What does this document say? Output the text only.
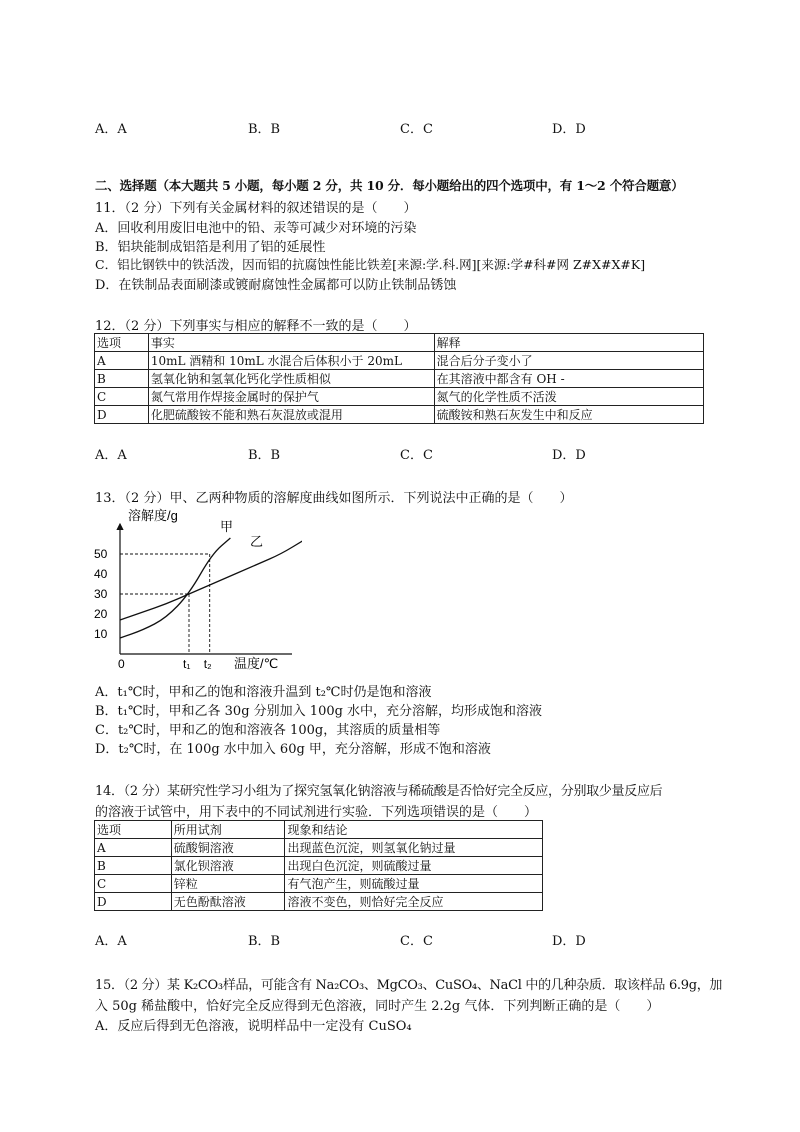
A．A	B．B	C．C	D．D
二、选择题（本大题共 5 小题，每小题 2 分，共 10 分．每小题给出的四个选项中，有 1～2 个符合题意）
11．（2 分）下列有关金属材料的叙述错误的是（　　）
A．回收利用废旧电池中的铅、汞等可减少对环境的污染
B．铝块能制成铝箔是利用了铝的延展性
C．铝比钢铁中的铁活泼，因而铝的抗腐蚀性能比铁差[来源:学.科.网][来源:学#科#网 Z#X#X#K]
D．在铁制品表面刷漆或镀耐腐蚀性金属都可以防止铁制品锈蚀
12．（2 分）下列事实与相应的解释不一致的是（　　）
选项	事实	解释
A	10mL 酒精和 10mL 水混合后体积小于 20mL	混合后分子变小了
B	氢氧化钠和氢氧化钙化学性质相似	在其溶液中都含有 OH -
C	氮气常用作焊接金属时的保护气	氮气的化学性质不活泼
D	化肥硫酸铵不能和熟石灰混放或混用	硫酸铵和熟石灰发生中和反应
A．A	B．B	C．C	D．D
13．（2 分）甲、乙两种物质的溶解度曲线如图所示．下列说法中正确的是（　　）
溶解度/g
10
20
30
40
50
0	t₁ t₂
甲
乙
温度/℃
A．t₁℃时，甲和乙的饱和溶液升温到 t₂℃时仍是饱和溶液
B．t₁℃时，甲和乙各 30g 分别加入 100g 水中，充分溶解，均形成饱和溶液
C．t₂℃时，甲和乙的饱和溶液各 100g，其溶质的质量相等
D．t₂℃时，在 100g 水中加入 60g 甲，充分溶解，形成不饱和溶液
14．（2 分）某研究性学习小组为了探究氢氧化钠溶液与稀硫酸是否恰好完全反应，分别取少量反应后
的溶液于试管中，用下表中的不同试剂进行实验．下列选项错误的是（　　）
选项	所用试剂	现象和结论
A	硫酸铜溶液	出现蓝色沉淀，则氢氧化钠过量
B	氯化钡溶液	出现白色沉淀，则硫酸过量
C	锌粒	有气泡产生，则硫酸过量
D	无色酚酞溶液	溶液不变色，则恰好完全反应
A．A	B．B	C．C	D．D
15．（2 分）某 K₂CO₃样品，可能含有 Na₂CO₃、MgCO₃、CuSO₄、NaCl 中的几种杂质．取该样品 6.9g，加
入 50g 稀盐酸中，恰好完全反应得到无色溶液，同时产生 2.2g 气体．下列判断正确的是（　　）
A．反应后得到无色溶液，说明样品中一定没有 CuSO₄
